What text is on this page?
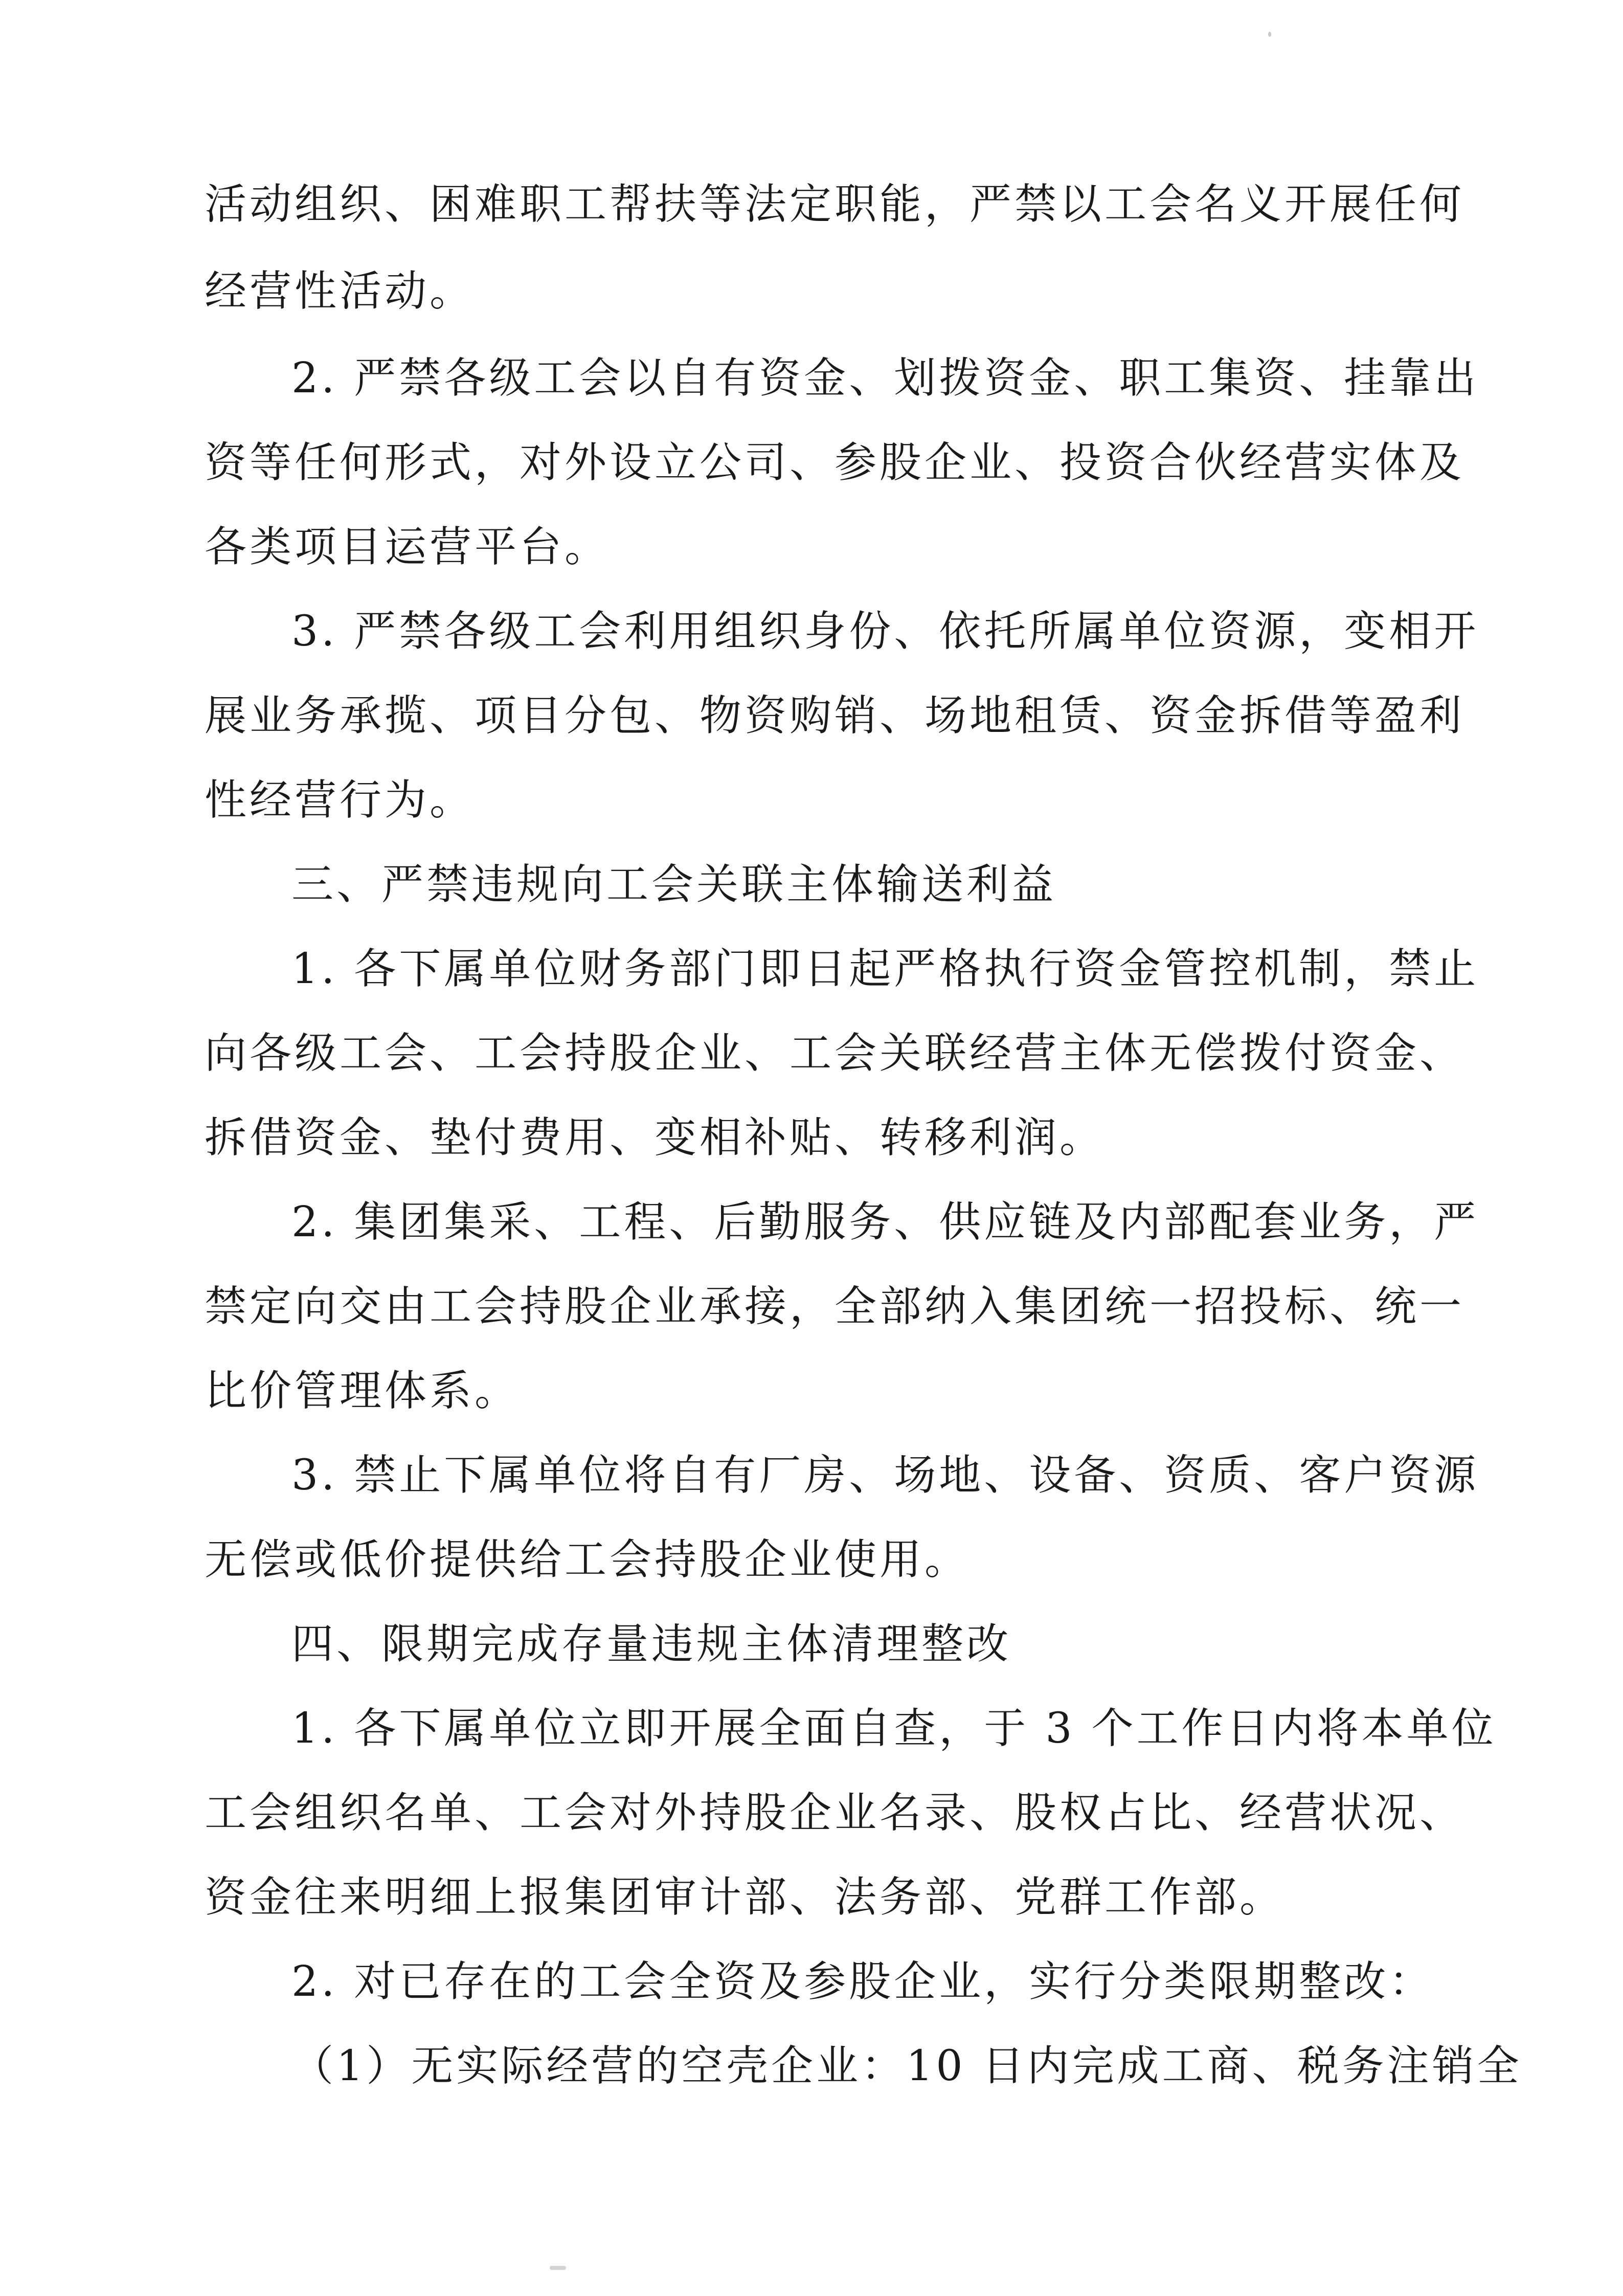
活动组织、困难职工帮扶等法定职能，严禁以工会名义开展任何
经营性活动。
2. 严禁各级工会以自有资金、划拨资金、职工集资、挂靠出
资等任何形式，对外设立公司、参股企业、投资合伙经营实体及
各类项目运营平台。
3. 严禁各级工会利用组织身份、依托所属单位资源，变相开
展业务承揽、项目分包、物资购销、场地租赁、资金拆借等盈利
性经营行为。
三、严禁违规向工会关联主体输送利益
1. 各下属单位财务部门即日起严格执行资金管控机制，禁止
向各级工会、工会持股企业、工会关联经营主体无偿拨付资金、
拆借资金、垫付费用、变相补贴、转移利润。
2. 集团集采、工程、后勤服务、供应链及内部配套业务，严
禁定向交由工会持股企业承接，全部纳入集团统一招投标、统一
比价管理体系。
3. 禁止下属单位将自有厂房、场地、设备、资质、客户资源
无偿或低价提供给工会持股企业使用。
四、限期完成存量违规主体清理整改
1. 各下属单位立即开展全面自查，于 3 个工作日内将本单位
工会组织名单、工会对外持股企业名录、股权占比、经营状况、
资金往来明细上报集团审计部、法务部、党群工作部。
2. 对已存在的工会全资及参股企业，实行分类限期整改：
（1）无实际经营的空壳企业：10 日内完成工商、税务注销全
